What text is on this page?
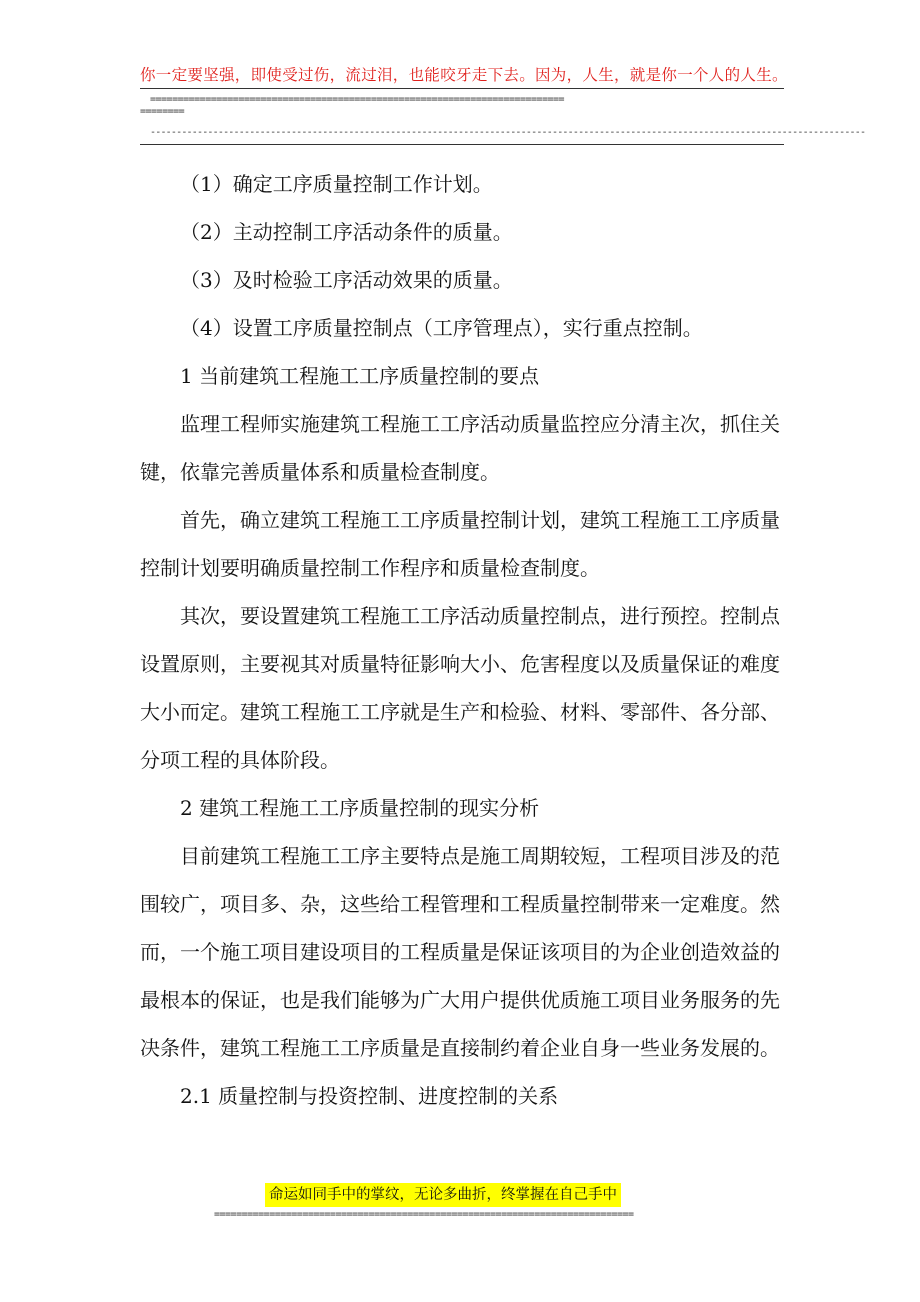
你一定要坚强，即使受过伤，流过泪，也能咬牙走下去。因为，人生，就是你一个人的人生。
===========================================================================
========
-----------------------------------------------------------------------------------------------------------------------------------------

（1）确定工序质量控制工作计划。

（2）主动控制工序活动条件的质量。

（3）及时检验工序活动效果的质量。

（4）设置工序质量控制点（工序管理点），实行重点控制。

1 当前建筑工程施工工序质量控制的要点

监理工程师实施建筑工程施工工序活动质量监控应分清主次，抓住关键，依靠完善质量体系和质量检查制度。

首先，确立建筑工程施工工序质量控制计划，建筑工程施工工序质量控制计划要明确质量控制工作程序和质量检查制度。

其次，要设置建筑工程施工工序活动质量控制点，进行预控。控制点设置原则，主要视其对质量特征影响大小、危害程度以及质量保证的难度大小而定。建筑工程施工工序就是生产和检验、材料、零部件、各分部、分项工程的具体阶段。

2 建筑工程施工工序质量控制的现实分析

目前建筑工程施工工序主要特点是施工周期较短，工程项目涉及的范围较广，项目多、杂，这些给工程管理和工程质量控制带来一定难度。然而，一个施工项目建设项目的工程质量是保证该项目的为企业创造效益的最根本的保证，也是我们能够为广大用户提供优质施工项目业务服务的先决条件，建筑工程施工工序质量是直接制约着企业自身一些业务发展的。

2.1 质量控制与投资控制、进度控制的关系

命运如同手中的掌纹，无论多曲折，终掌握在自己手中
============================================================================
